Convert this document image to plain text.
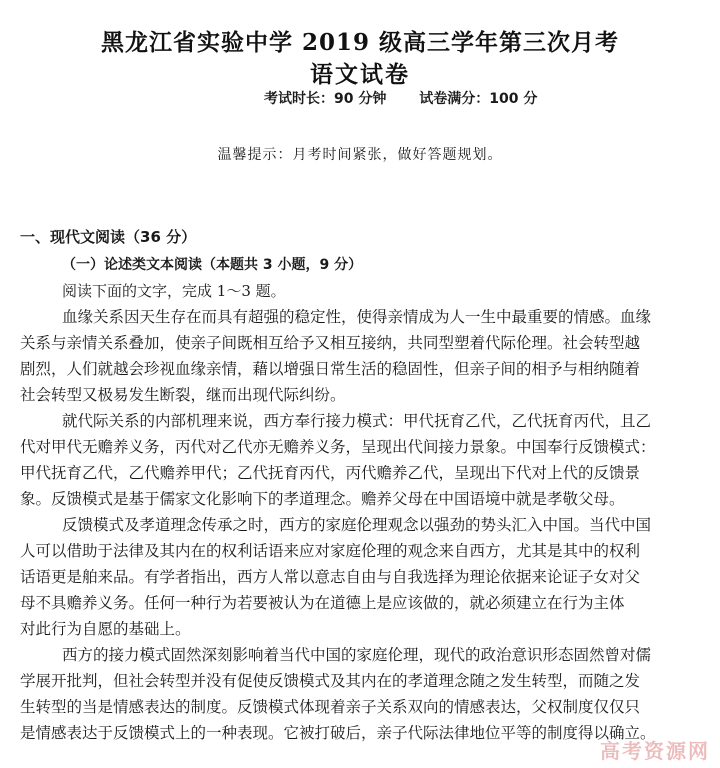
黑龙江省实验中学 2019 级高三学年第三次月考
语文试卷
考试时长：90 分钟 试卷满分：100 分
温馨提示：月考时间紧张，做好答题规划。
一、现代文阅读（36 分）
（一）论述类文本阅读（本题共 3 小题，9 分）
阅读下面的文字，完成 1～3 题。
血缘关系因天生存在而具有超强的稳定性，使得亲情成为人一生中最重要的情感。血缘
关系与亲情关系叠加，使亲子间既相互给予又相互接纳，共同型塑着代际伦理。社会转型越
剧烈，人们就越会珍视血缘亲情，藉以增强日常生活的稳固性，但亲子间的相予与相纳随着
社会转型又极易发生断裂，继而出现代际纠纷。
就代际关系的内部机理来说，西方奉行接力模式：甲代抚育乙代，乙代抚育丙代，且乙
代对甲代无赡养义务，丙代对乙代亦无赡养义务，呈现出代间接力景象。中国奉行反馈模式：
甲代抚育乙代，乙代赡养甲代；乙代抚育丙代，丙代赡养乙代，呈现出下代对上代的反馈景
象。反馈模式是基于儒家文化影响下的孝道理念。赡养父母在中国语境中就是孝敬父母。
反馈模式及孝道理念传承之时，西方的家庭伦理观念以强劲的势头汇入中国。当代中国
人可以借助于法律及其内在的权利话语来应对家庭伦理的观念来自西方，尤其是其中的权利
话语更是舶来品。有学者指出，西方人常以意志自由与自我选择为理论依据来论证子女对父
母不具赡养义务。任何一种行为若要被认为在道德上是应该做的，就必须建立在行为主体
对此行为自愿的基础上。
西方的接力模式固然深刻影响着当代中国的家庭伦理，现代的政治意识形态固然曾对儒
学展开批判，但社会转型并没有促使反馈模式及其内在的孝道理念随之发生转型，而随之发
生转型的当是情感表达的制度。反馈模式体现着亲子关系双向的情感表达，父权制度仅仅只
是情感表达于反馈模式上的一种表现。它被打破后，亲子代际法律地位平等的制度得以确立。
高考资源网
